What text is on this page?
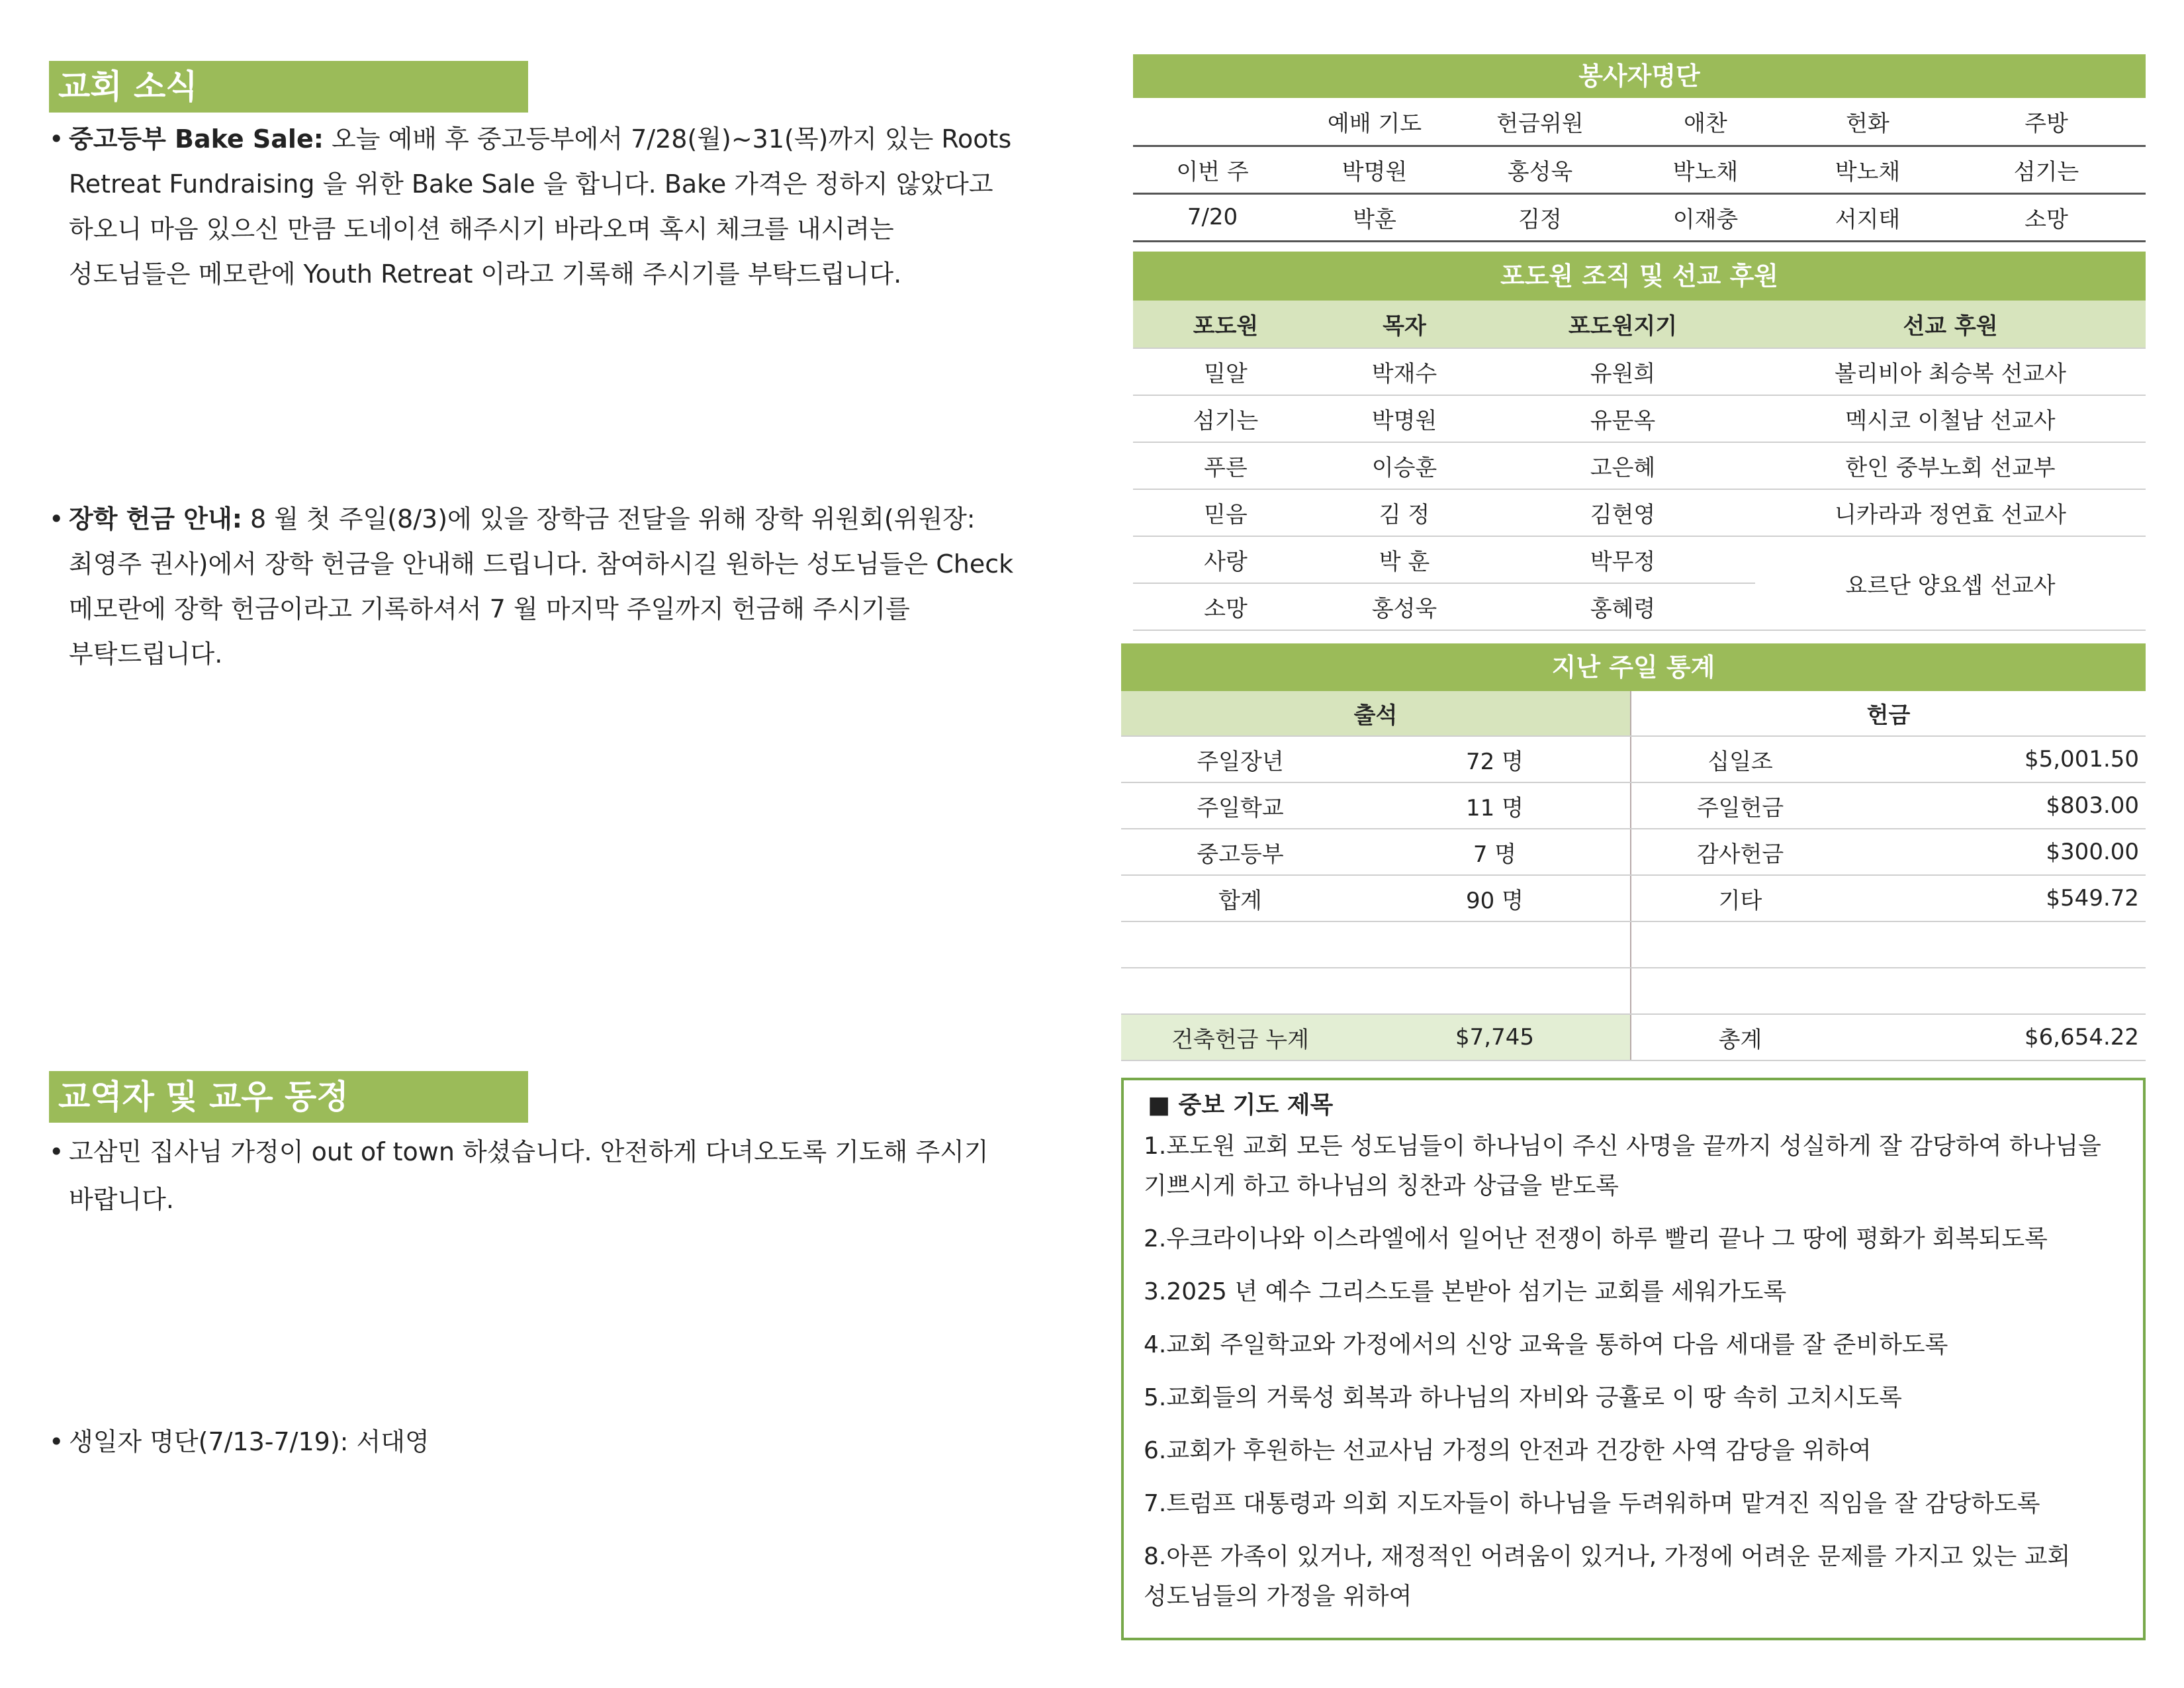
교회 소식
• 중고등부 Bake Sale: 오늘 예배 후 중고등부에서 7/28(월)~31(목)까지 있는 Roots
Retreat Fundraising 을 위한 Bake Sale 을 합니다. Bake 가격은 정하지 않았다고
하오니 마음 있으신 만큼 도네이션 해주시기 바라오며 혹시 체크를 내시려는
성도님들은 메모란에 Youth Retreat 이라고 기록해 주시기를 부탁드립니다.
• 장학 헌금 안내: 8 월 첫 주일(8/3)에 있을 장학금 전달을 위해 장학 위원회(위원장:
최영주 권사)에서 장학 헌금을 안내해 드립니다. 참여하시길 원하는 성도님들은 Check
메모란에 장학 헌금이라고 기록하셔서 7 월 마지막 주일까지 헌금해 주시기를
부탁드립니다.
교역자 및 교우 동정
• 고삼민 집사님 가정이 out of town 하셨습니다. 안전하게 다녀오도록 기도해 주시기
바랍니다.
• 생일자 명단(7/13-7/19): 서대영
봉사자명단
	예배 기도	헌금위원	애찬	헌화	주방
이번 주	박명원	홍성욱	박노채	박노채	섬기는
7/20	박훈	김정	이재충	서지태	소망
포도원 조직 및 선교 후원
포도원	목자	포도원지기	선교 후원
밀알	박재수	유원희	볼리비아 최승복 선교사
섬기는	박명원	유문옥	멕시코 이철남 선교사
푸른	이승훈	고은혜	한인 중부노회 선교부
믿음	김 정	김현영	니카라과 정연효 선교사
사랑	박 훈	박무정	요르단 양요셉 선교사
소망	홍성욱	홍혜령	
지난 주일 통계
출석		헌금	
주일장년	72 명	십일조	$5,001.50
주일학교	11 명	주일헌금	$803.00
중고등부	7 명	감사헌금	$300.00
합계	90 명	기타	$549.72

건축헌금 누계	$7,745	총계	$6,654.22
■ 중보 기도 제목
1.포도원 교회 모든 성도님들이 하나님이 주신 사명을 끝까지 성실하게 잘 감당하여 하나님을
기쁘시게 하고 하나님의 칭찬과 상급을 받도록
2.우크라이나와 이스라엘에서 일어난 전쟁이 하루 빨리 끝나 그 땅에 평화가 회복되도록
3.2025 년 예수 그리스도를 본받아 섬기는 교회를 세워가도록
4.교회 주일학교와 가정에서의 신앙 교육을 통하여 다음 세대를 잘 준비하도록
5.교회들의 거룩성 회복과 하나님의 자비와 긍휼로 이 땅 속히 고치시도록
6.교회가 후원하는 선교사님 가정의 안전과 건강한 사역 감당을 위하여
7.트럼프 대통령과 의회 지도자들이 하나님을 두려워하며 맡겨진 직임을 잘 감당하도록
8.아픈 가족이 있거나, 재정적인 어려움이 있거나, 가정에 어려운 문제를 가지고 있는 교회
성도님들의 가정을 위하여
